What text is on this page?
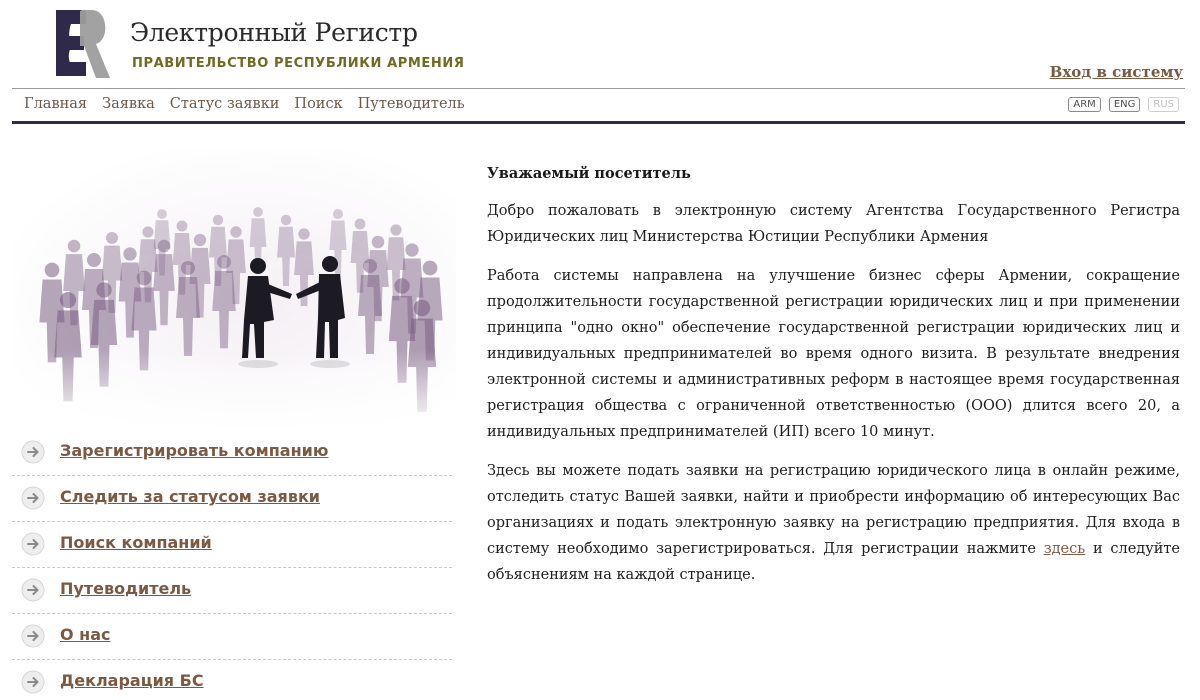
Электронный Регистр
ПРАВИТЕЛЬСТВО РЕСПУБЛИКИ АРМЕНИЯ	Вход в систему
Главная Заявка Статус заявки Поиск Путеводитель	ARM	ENG	RUS
Зарегистрировать компанию
Следить за статусом заявки
Поиск компаний
Путеводитель
О нас
Декларация БС
Уважаемый посетитель

Добро пожаловать в электронную систему Агентства Государственного Регистра Юридических лиц Министерства Юстиции Республики Армения

Работа системы направлена на улучшение бизнес сферы Армении, сокращение продолжительности государственной регистрации юридических лиц и при применении принципа "одно окно" обеспечение государственной регистрации юридических лиц и индивидуальных предпринимателей во время одного визита. В результате внедрения электронной системы и административных реформ в настоящее время государственная регистрация общества с ограниченной ответственностью (ООО) длится всего 20, а индивидуальных предпринимателей (ИП) всего 10 минут.

Здесь вы можете подать заявки на регистрацию юридического лица в онлайн режиме, отследить статус Вашей заявки, найти и приобрести информацию об интересующих Вас организациях и подать электронную заявку на регистрацию предприятия. Для входа в систему необходимо зарегистрироваться. Для регистрации нажмите здесь и следуйте объяснениям на каждой странице.
